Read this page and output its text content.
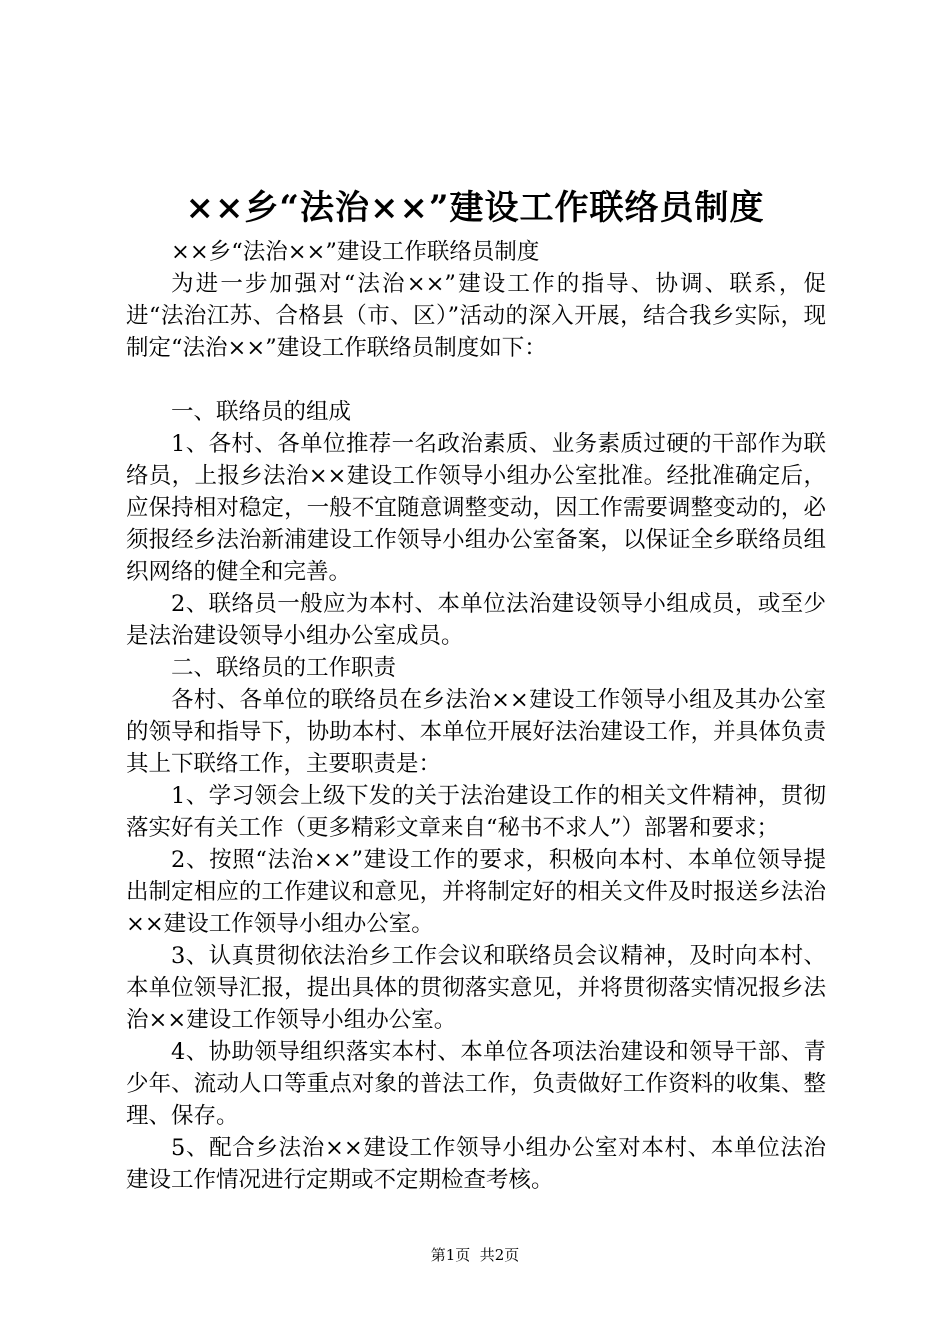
××乡“法治××”建设工作联络员制度

××乡“法治××”建设工作联络员制度

为进一步加强对“法治××”建设工作的指导、协调、联系，促进“法治江苏、合格县（市、区）”活动的深入开展，结合我乡实际，现制定“法治××”建设工作联络员制度如下：

一、联络员的组成

1、各村、各单位推荐一名政治素质、业务素质过硬的干部作为联络员，上报乡法治××建设工作领导小组办公室批准。经批准确定后，应保持相对稳定，一般不宜随意调整变动，因工作需要调整变动的，必须报经乡法治新浦建设工作领导小组办公室备案，以保证全乡联络员组织网络的健全和完善。

2、联络员一般应为本村、本单位法治建设领导小组成员，或至少是法治建设领导小组办公室成员。

二、联络员的工作职责

各村、各单位的联络员在乡法治××建设工作领导小组及其办公室的领导和指导下，协助本村、本单位开展好法治建设工作，并具体负责其上下联络工作，主要职责是：

1、学习领会上级下发的关于法治建设工作的相关文件精神，贯彻落实好有关工作（更多精彩文章来自“秘书不求人”）部署和要求；

2、按照“法治××”建设工作的要求，积极向本村、本单位领导提出制定相应的工作建议和意见，并将制定好的相关文件及时报送乡法治××建设工作领导小组办公室。

3、认真贯彻依法治乡工作会议和联络员会议精神，及时向本村、本单位领导汇报，提出具体的贯彻落实意见，并将贯彻落实情况报乡法治××建设工作领导小组办公室。

4、协助领导组织落实本村、本单位各项法治建设和领导干部、青少年、流动人口等重点对象的普法工作，负责做好工作资料的收集、整理、保存。

5、配合乡法治××建设工作领导小组办公室对本村、本单位法治建设工作情况进行定期或不定期检查考核。

第1页  共2页
